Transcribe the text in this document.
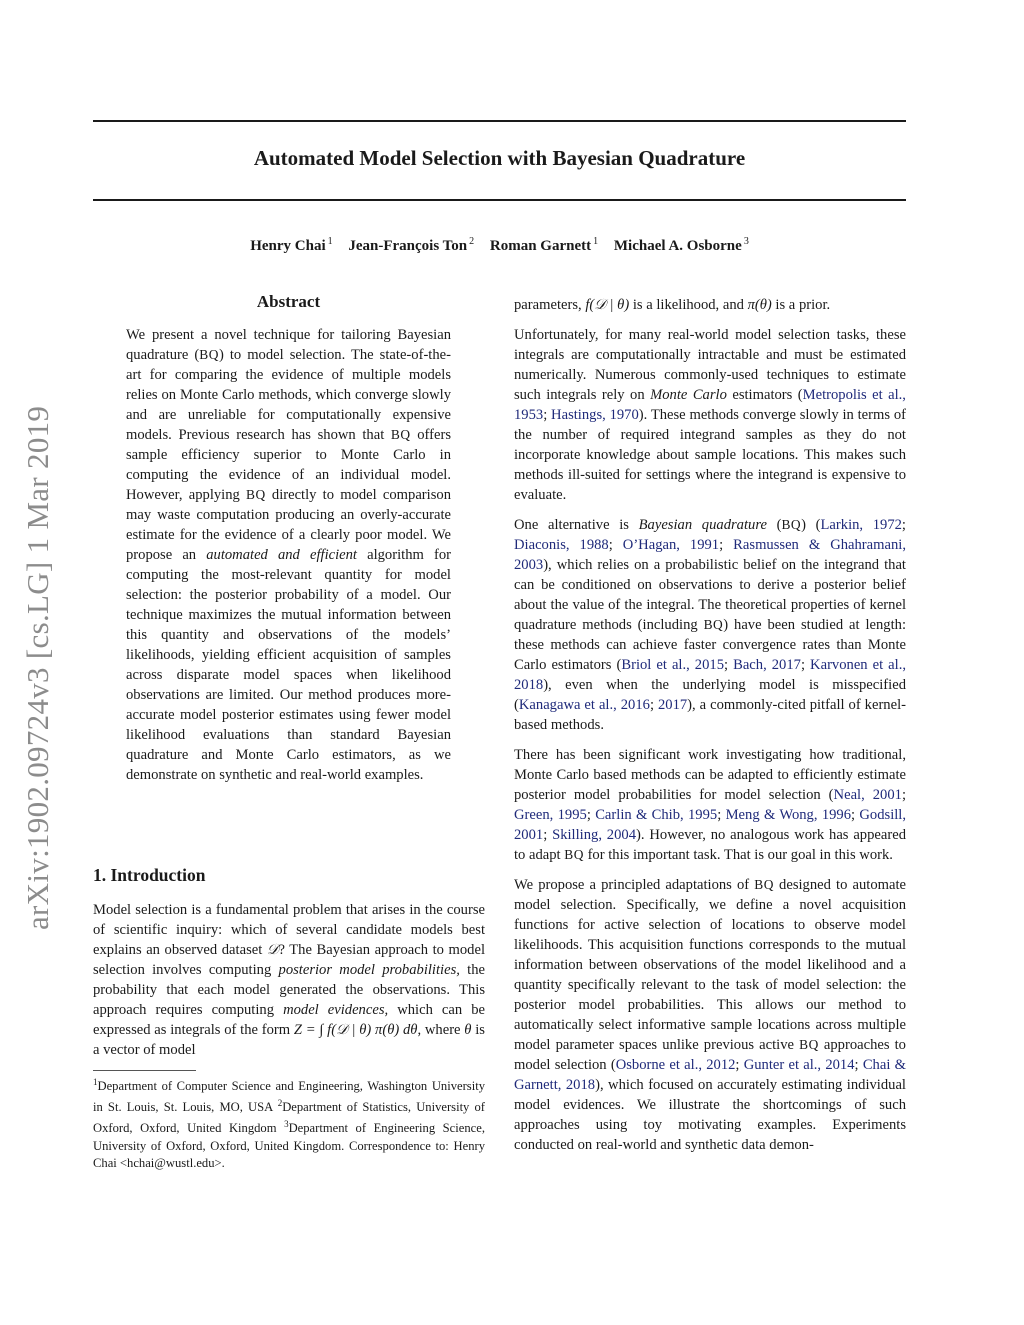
Automated Model Selection with Bayesian Quadrature
Henry Chai $^1$ Jean-François Ton $^2$ Roman Garnett $^1$ Michael A. Osborne $^3$
arXiv:1902.09724v3 [cs.LG] 1 Mar 2019
Abstract

We present a novel technique for tailoring Bayesian quadrature (BQ) to model selection. The state-of-the-art for comparing the evidence of multiple models relies on Monte Carlo methods, which converge slowly and are unreliable for computationally expensive models. Previous research has shown that BQ offers sample efficiency superior to Monte Carlo in computing the evidence of an individual model. However, applying BQ directly to model comparison may waste computation producing an overly-accurate estimate for the evidence of a clearly poor model. We propose an automated and efficient algorithm for computing the most-relevant quantity for model selection: the posterior probability of a model. Our technique maximizes the mutual information between this quantity and observations of the models’ likelihoods, yielding efficient acquisition of samples across disparate model spaces when likelihood observations are limited. Our method produces more-accurate model posterior estimates using fewer model likelihood evaluations than standard Bayesian quadrature and Monte Carlo estimators, as we demonstrate on synthetic and real-world examples.

1. Introduction

Model selection is a fundamental problem that arises in the course of scientific inquiry: which of several candidate models best explains an observed dataset 𝒟? The Bayesian approach to model selection involves computing posterior model probabilities, the probability that each model generated the observations. This approach requires computing model evidences, which can be expressed as integrals of the form Z = ∫ f(𝒟 | θ) π(θ) dθ, where θ is a vector of model

$^1$Department of Computer Science and Engineering, Washington University in St. Louis, St. Louis, MO, USA $^2$Department of Statistics, University of Oxford, Oxford, United Kingdom $^3$Department of Engineering Science, University of Oxford, Oxford, United Kingdom. Correspondence to: Henry Chai <hchai@wustl.edu>.

parameters, f(𝒟 | θ) is a likelihood, and π(θ) is a prior.

Unfortunately, for many real-world model selection tasks, these integrals are computationally intractable and must be estimated numerically. Numerous commonly-used techniques to estimate such integrals rely on Monte Carlo estimators (Metropolis et al., 1953; Hastings, 1970). These methods converge slowly in terms of the number of required integrand samples as they do not incorporate knowledge about sample locations. This makes such methods ill-suited for settings where the integrand is expensive to evaluate.

One alternative is Bayesian quadrature (BQ) (Larkin, 1972; Diaconis, 1988; O’Hagan, 1991; Rasmussen & Ghahramani, 2003), which relies on a probabilistic belief on the integrand that can be conditioned on observations to derive a posterior belief about the value of the integral. The theoretical properties of kernel quadrature methods (including BQ) have been studied at length: these methods can achieve faster convergence rates than Monte Carlo estimators (Briol et al., 2015; Bach, 2017; Karvonen et al., 2018), even when the underlying model is misspecified (Kanagawa et al., 2016; 2017), a commonly-cited pitfall of kernel-based methods.

There has been significant work investigating how traditional, Monte Carlo based methods can be adapted to efficiently estimate posterior model probabilities for model selection (Neal, 2001; Green, 1995; Carlin & Chib, 1995; Meng & Wong, 1996; Godsill, 2001; Skilling, 2004). However, no analogous work has appeared to adapt BQ for this important task. That is our goal in this work.

We propose a principled adaptations of BQ designed to automate model selection. Specifically, we define a novel acquisition functions for active selection of locations to observe model likelihoods. This acquisition functions corresponds to the mutual information between observations of the model likelihood and a quantity specifically relevant to the task of model selection: the posterior model probabilities. This allows our method to automatically select informative sample locations across multiple model parameter spaces unlike previous active BQ approaches to model selection (Osborne et al., 2012; Gunter et al., 2014; Chai & Garnett, 2018), which focused on accurately estimating individual model evidences. We illustrate the shortcomings of such approaches using toy motivating examples. Experiments conducted on real-world and synthetic data demon-
